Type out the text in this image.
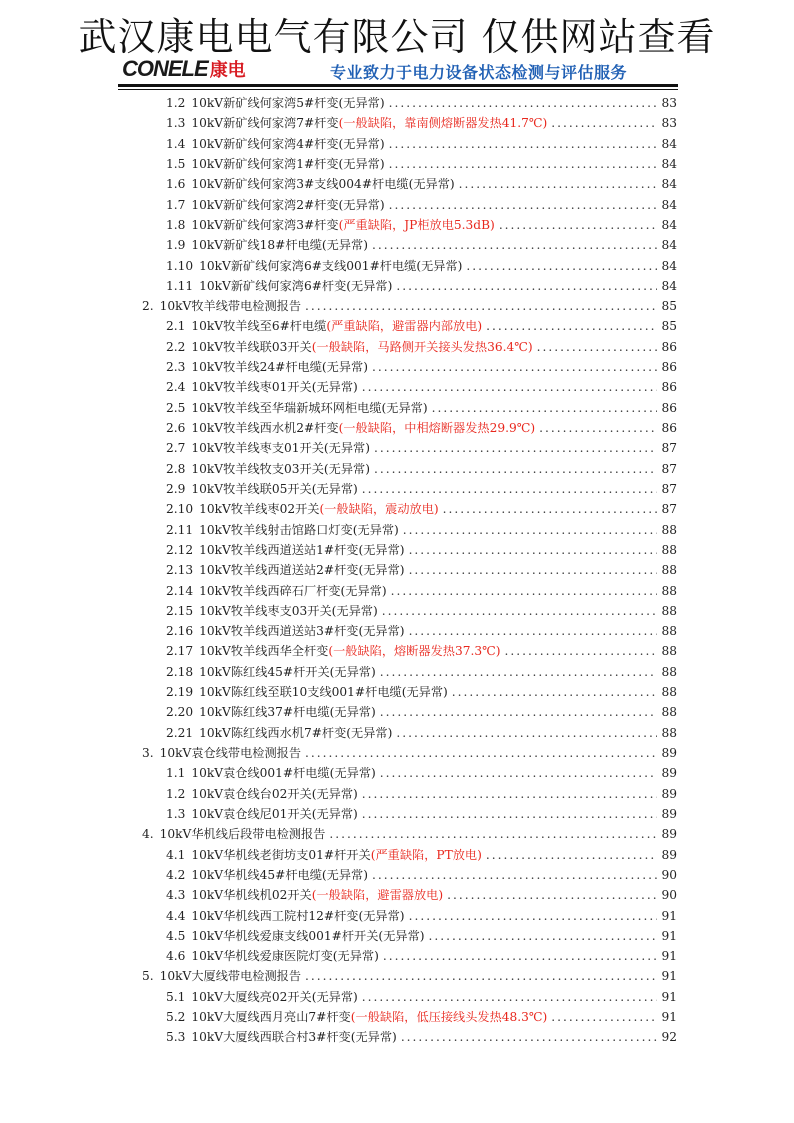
武汉康电电气有限公司 仅供网站查看
CONELE 康电	专业致力于电力设备状态检测与评估服务
1.2 10kV新矿线何家湾5#杆变(无异常) .....	83
1.3 10kV新矿线何家湾7#杆变 (一般缺陷，靠南侧熔断器发热41.7℃) .....	83
1.4 10kV新矿线何家湾4#杆变(无异常) .....	84
1.5 10kV新矿线何家湾1#杆变(无异常) .....	84
1.6 10kV新矿线何家湾3#支线004#杆电缆(无异常) .....	84
1.7 10kV新矿线何家湾2#杆变(无异常) .....	84
1.8 10kV新矿线何家湾3#杆变 (严重缺陷，JP柜放电5.3dB) .....	84
1.9 10kV新矿线18#杆电缆(无异常) .....	84
1.10 10kV新矿线何家湾6#支线001#杆电缆(无异常) .....	84
1.11 10kV新矿线何家湾6#杆变(无异常) .....	84
2. 10kV牧羊线带电检测报告 .....	85
2.1 10kV牧羊线至6#杆电缆 (严重缺陷，避雷器内部放电) .....	85
2.2 10kV牧羊线联03开关 (一般缺陷，马路侧开关接头发热36.4℃) .....	86
2.3 10kV牧羊线24#杆电缆(无异常) .....	86
2.4 10kV牧羊线枣01开关(无异常) .....	86
2.5 10kV牧羊线至华瑞新城环网柜电缆(无异常) .....	86
2.6 10kV牧羊线西水机2#杆变 (一般缺陷，中相熔断器发热29.9℃) .....	86
2.7 10kV牧羊线枣支01开关(无异常) .....	87
2.8 10kV牧羊线牧支03开关(无异常) .....	87
2.9 10kV牧羊线联05开关(无异常) .....	87
2.10 10kV牧羊线枣02开关 (一般缺陷，震动放电) .....	87
2.11 10kV牧羊线射击馆路口灯变(无异常) .....	88
2.12 10kV牧羊线西道送站1#杆变(无异常) .....	88
2.13 10kV牧羊线西道送站2#杆变(无异常) .....	88
2.14 10kV牧羊线西碎石厂杆变(无异常) .....	88
2.15 10kV牧羊线枣支03开关(无异常) .....	88
2.16 10kV牧羊线西道送站3#杆变(无异常) .....	88
2.17 10kV牧羊线西华全杆变 (一般缺陷，熔断器发热37.3℃) .....	88
2.18 10kV陈红线45#杆开关(无异常) .....	88
2.19 10kV陈红线至联10支线001#杆电缆(无异常) .....	88
2.20 10kV陈红线37#杆电缆(无异常) .....	88
2.21 10kV陈红线西水机7#杆变(无异常) .....	88
3. 10kV袁仓线带电检测报告 .....	89
1.1 10kV袁仓线001#杆电缆(无异常) .....	89
1.2 10kV袁仓线台02开关(无异常) .....	89
1.3 10kV袁仓线尼01开关(无异常) .....	89
4. 10kV华机线后段带电检测报告 .....	89
4.1 10kV华机线老街坊支01#杆开关 (严重缺陷，PT放电) .....	89
4.2 10kV华机线45#杆电缆(无异常) .....	90
4.3 10kV华机线机02开关 (一般缺陷，避雷器放电) .....	90
4.4 10kV华机线西工院村12#杆变(无异常) .....	91
4.5 10kV华机线爱康支线001#杆开关(无异常) .....	91
4.6 10kV华机线爱康医院灯变(无异常) .....	91
5. 10kV大厦线带电检测报告 .....	91
5.1 10kV大厦线亮02开关(无异常) .....	91
5.2 10kV大厦线西月亮山7#杆变 (一般缺陷，低压接线头发热48.3℃) .....	91
5.3 10kV大厦线西联合村3#杆变(无异常) .....	92
